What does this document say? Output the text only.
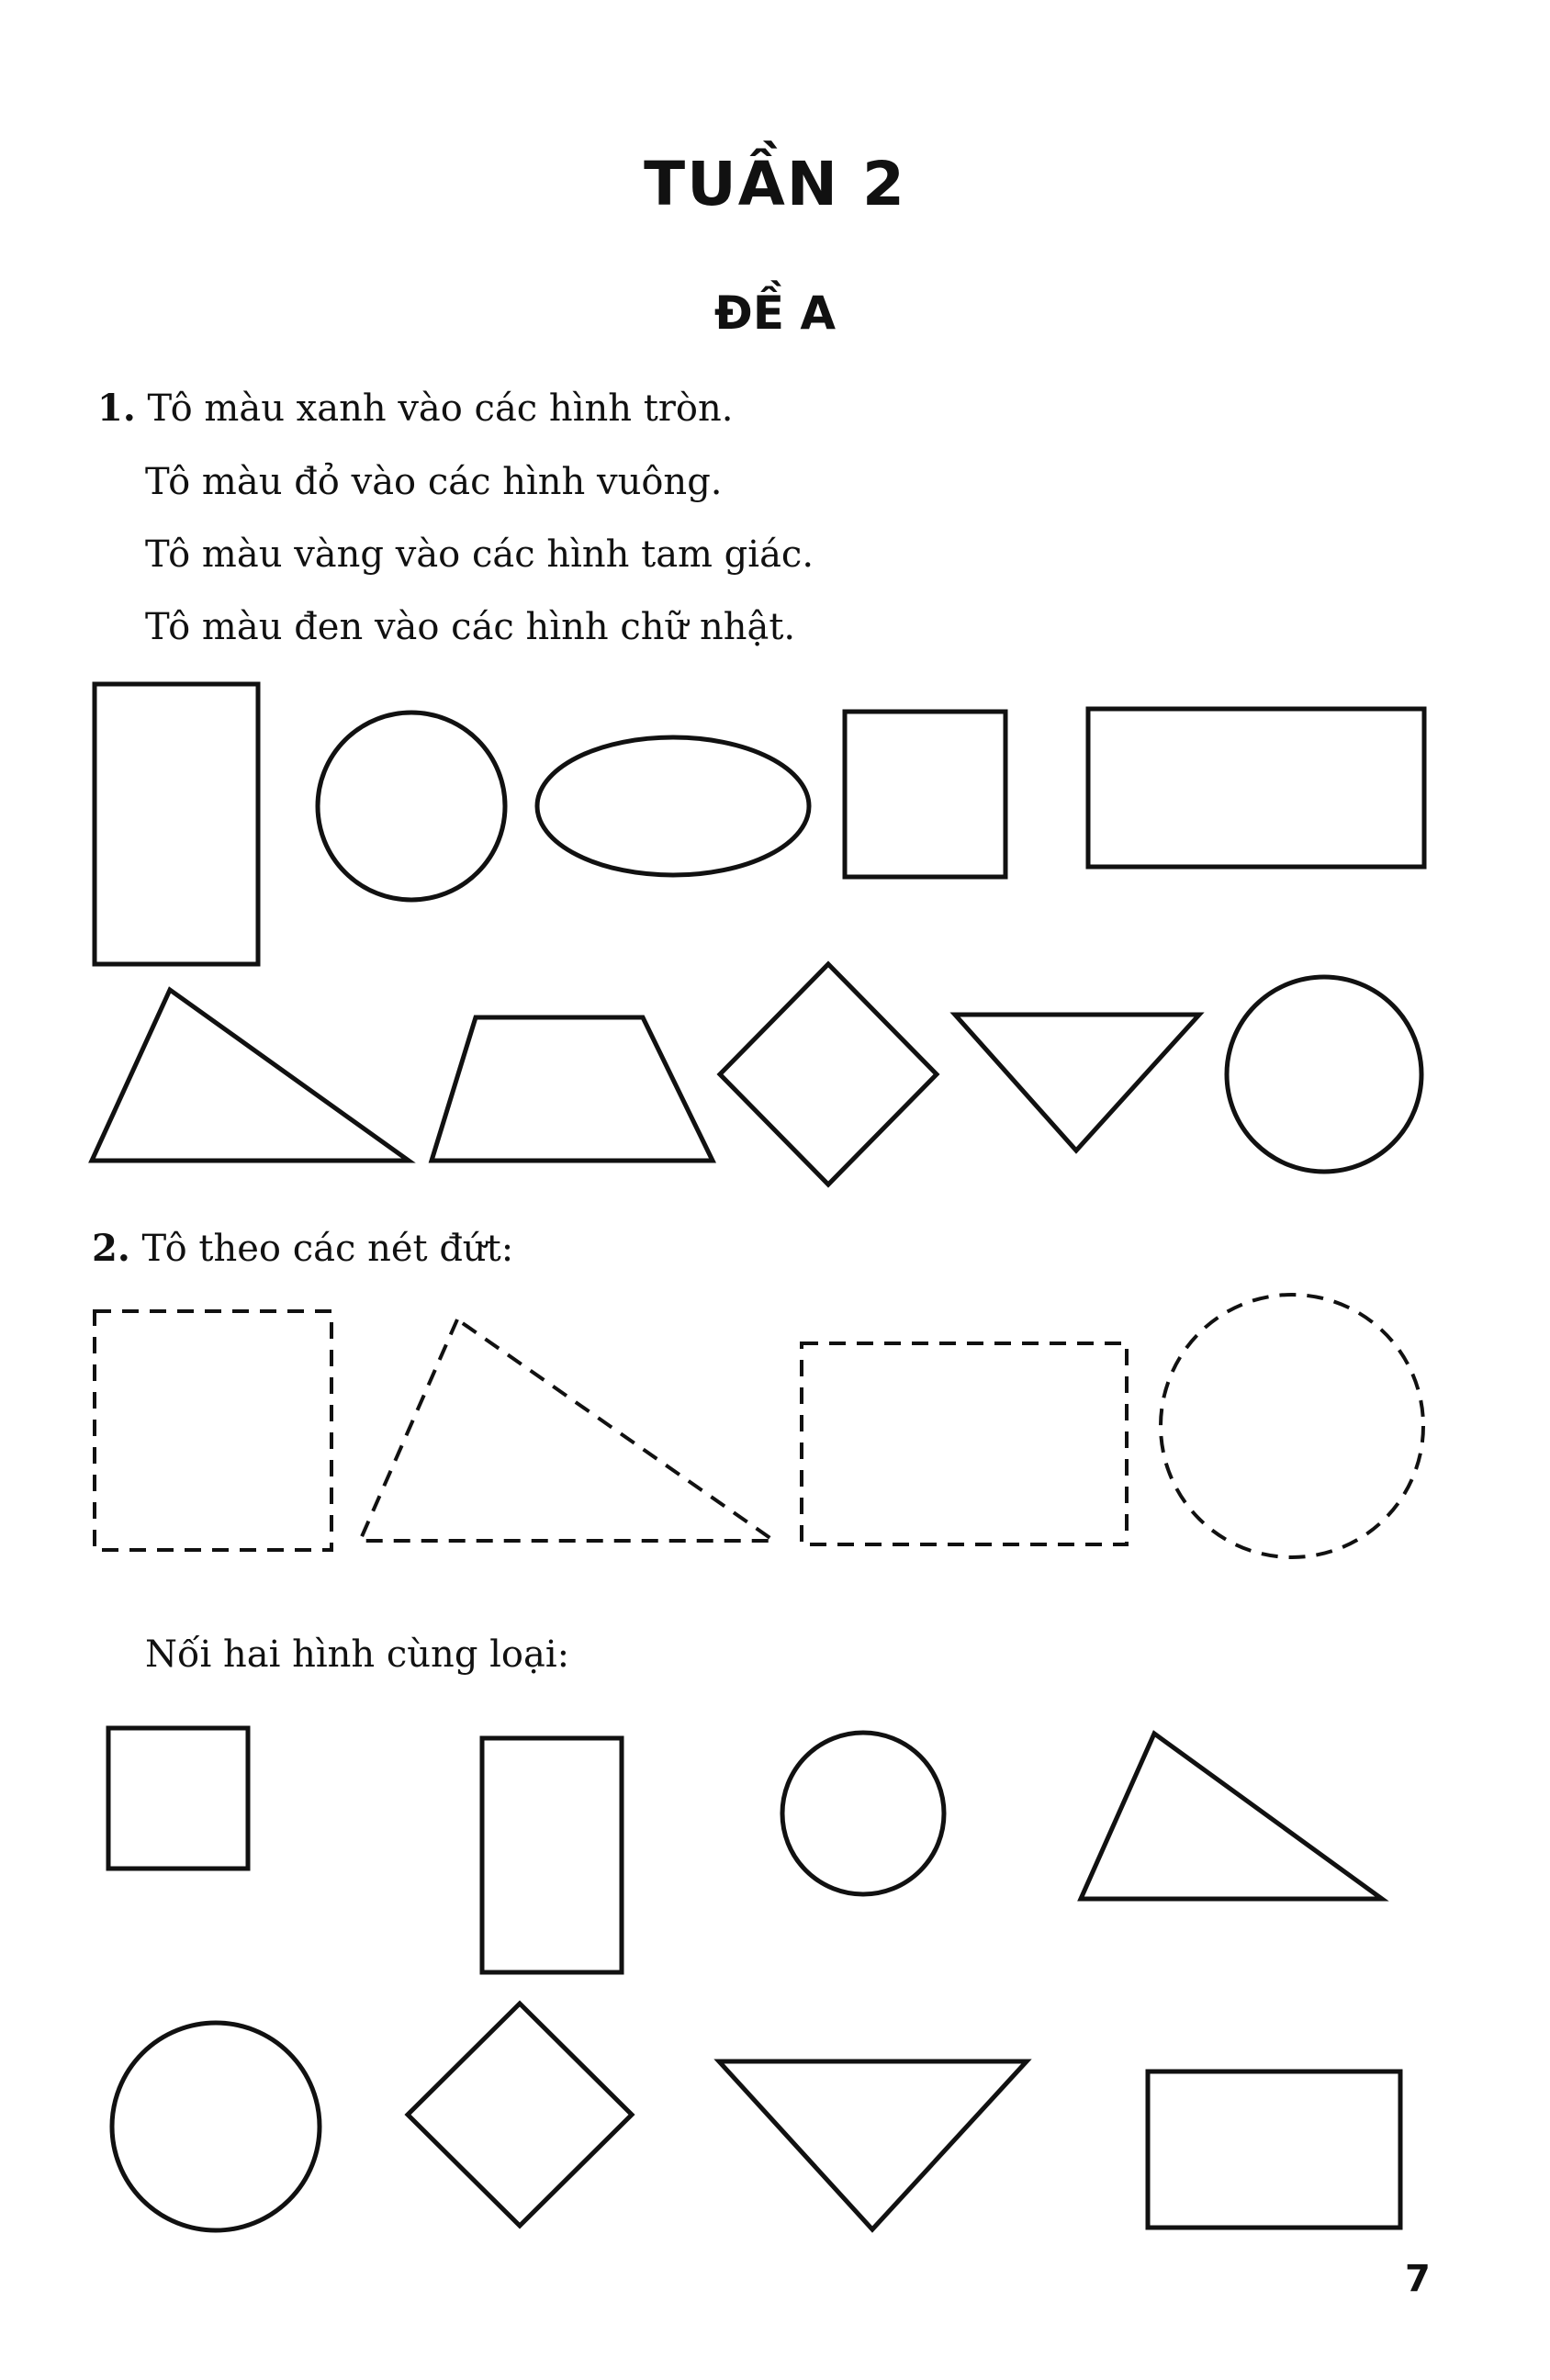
TUẦN 2
ĐỀ A
1. Tô màu xanh vào các hình tròn.
Tô màu đỏ vào các hình vuông.
Tô màu vàng vào các hình tam giác.
Tô màu đen vào các hình chữ nhật.
2. Tô theo các nét đứt:
Nối hai hình cùng loại:
7
